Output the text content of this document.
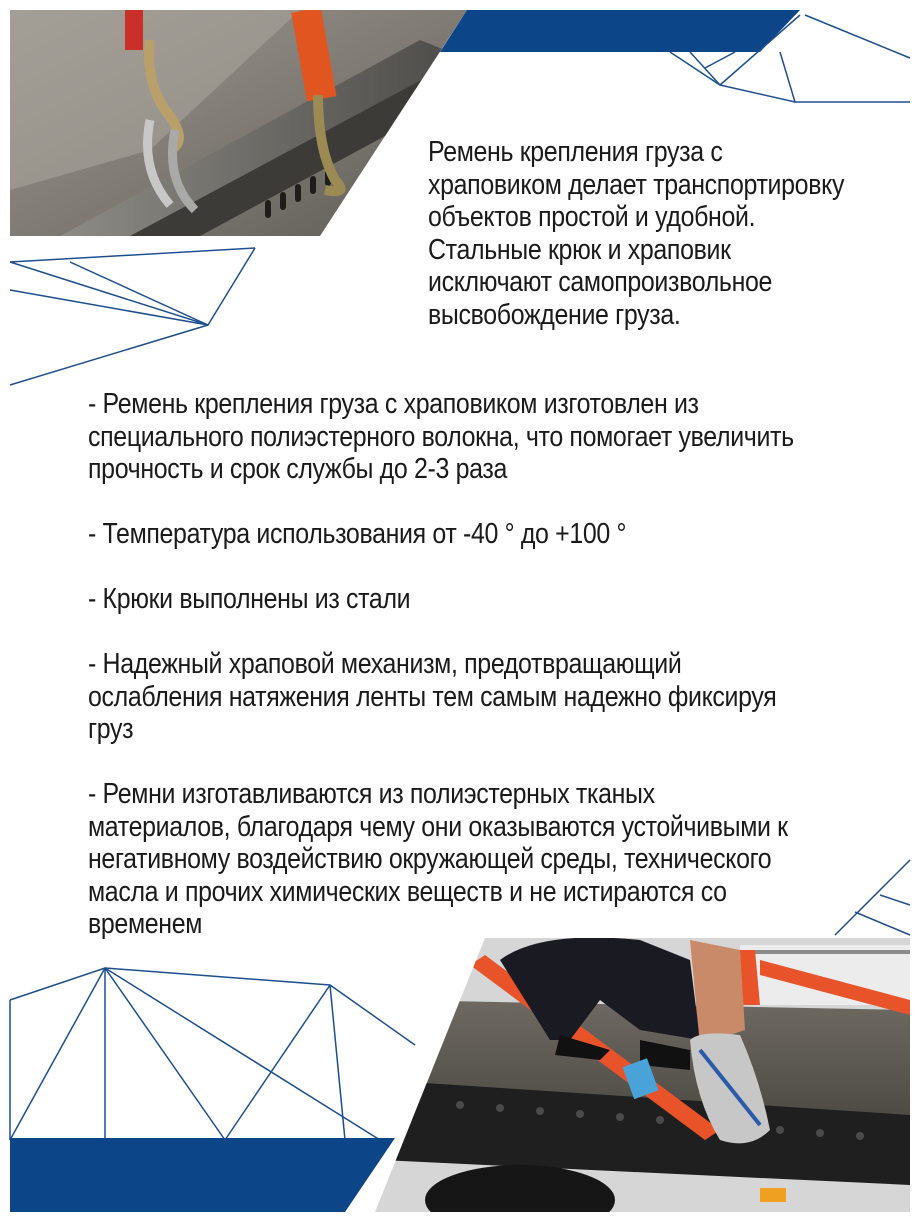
Ремень крепления груза с
храповиком делает транспортировку
объектов простой и удобной.
Стальные крюк и храповик
исключают самопроизвольное
высвобождение груза.

- Ремень крепления груза с храповиком изготовлен из
специального полиэстерного волокна, что помогает увеличить
прочность и срок службы до 2-3 раза

- Температура использования от -40 ° до +100 °

- Крюки выполнены из стали

- Надежный храповой механизм, предотвращающий
ослабления натяжения ленты тем самым надежно фиксируя
груз

- Ремни изготавливаются из полиэстерных тканых
материалов, благодаря чему они оказываются устойчивыми к
негативному воздействию окружающей среды, технического
масла и прочих химических веществ и не истираются со
временем
